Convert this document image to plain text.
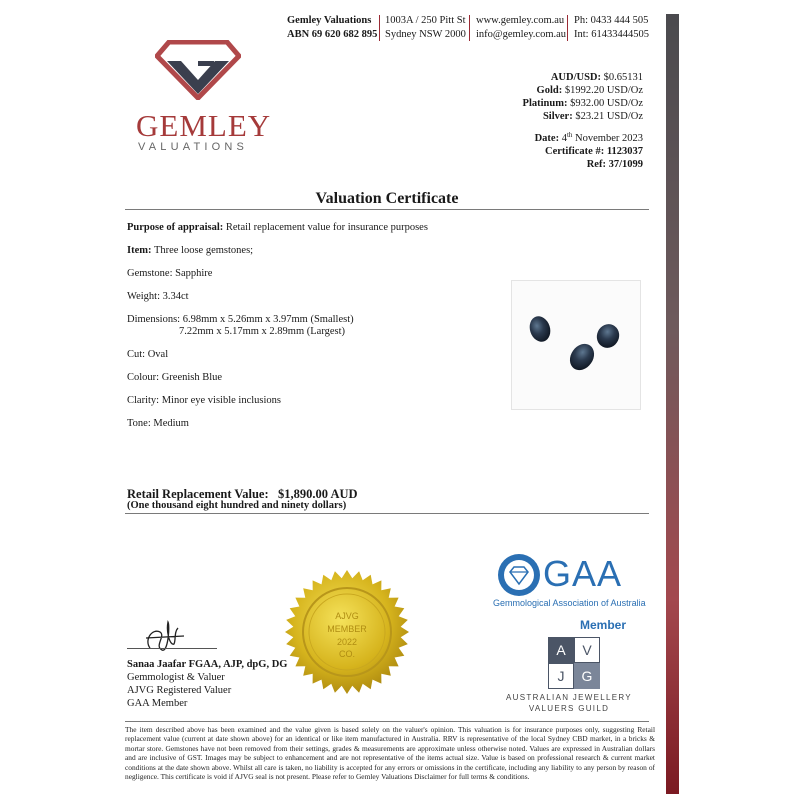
Gemley Valuations
ABN 69 620 682 895
1003A / 250 Pitt St
Sydney NSW 2000
www.gemley.com.au
info@gemley.com.au
Ph: 0433 444 505
Int: 61433444505
GEMLEY
VALUATIONS
AUD/USD: $0.65131
Gold: $1992.20 USD/Oz
Platinum: $932.00 USD/Oz
Silver: $23.21 USD/Oz
Date: 4th November 2023
Certificate #: 1123037
Ref: 37/1099
Valuation Certificate
Purpose of appraisal: Retail replacement value for insurance purposes
Item: Three loose gemstones;
Gemstone: Sapphire
Weight: 3.34ct
Dimensions: 6.98mm x 5.26mm x 3.97mm (Smallest)
7.22mm x 5.17mm x 2.89mm (Largest)
Cut: Oval
Colour: Greenish Blue
Clarity: Minor eye visible inclusions
Tone: Medium
Retail Replacement Value: $1,890.00 AUD
(One thousand eight hundred and ninety dollars)
AJVG
MEMBER
2022
CO.
Sanaa Jaafar FGAA, AJP, dpG, DG
Gemmologist & Valuer
AJVG Registered Valuer
GAA Member
GAA
Gemmological Association of Australia
Member
A	V
J	G
AUSTRALIAN JEWELLERY
VALUERS GUILD
The item described above has been examined and the value given is based solely on the valuer's opinion. This valuation is for insurance purposes only, suggesting Retail replacement value (current at date shown above) for an identical or like item manufactured in Australia. RRV is representative of the local Sydney CBD market, in a bricks & mortar store. Gemstones have not been removed from their settings, grades & measurements are approximate unless otherwise noted. Values are expressed in Australian dollars and are inclusive of GST. Images may be subject to enhancement and are not representative of the items actual size. Value is based on professional research & current market conditions at the date shown above. Whilst all care is taken, no liability is accepted for any errors or omissions in the certificate, including any liability to any person by reason of negligence. This certificate is void if AJVG seal is not present. Please refer to Gemley Valuations Disclaimer for full terms & conditions.
